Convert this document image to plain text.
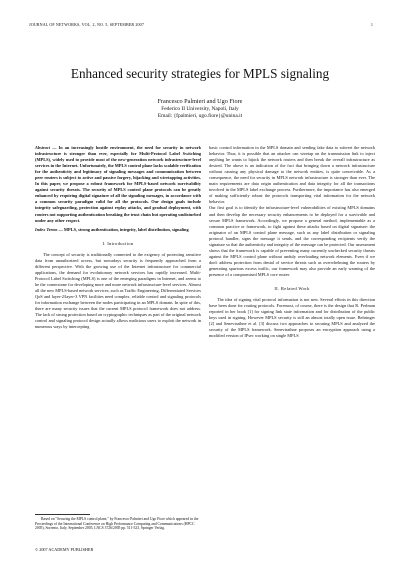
JOURNAL OF NETWORKS, VOL. 2, NO. 5, SEPTEMBER 2007	1
Enhanced security strategies for MPLS signaling
Francesco Palmieri and Ugo Fiore
Federico II University, Napoli, Italy
Email: {fpalmieri, ugo.fiore}@unina.it
Abstract — In an increasingly hostile environment, the need for security in network infrastructure is stronger than ever, especially for Multi-Protocol Label Switching (MPLS), widely used to provide most of the new-generation network infrastructure-level services in the Internet. Unfortunately, the MPLS control plane lacks scalable verification for the authenticity and legitimacy of signaling messages and communication between peer routers is subject to active and passive forgery, hijacking and wiretapping activities. In this paper, we propose a robust framework for MPLS-based network survivability against security threats. The security of MPLS control plane protocols can be greatly enhanced by requiring digital signature of all the signaling messages, in accordance with a common security paradigm valid for all the protocols. Our design goals include integrity safeguarding, protection against replay attacks, and gradual deployment, with routers not supporting authentication breaking the trust chain but operating undisturbed under any other respect.
Index Terms — MPLS, strong authentication, integrity, label distribution, signaling
I. Introduction

The concept of security is traditionally connected to the exigency of protecting sensitive data from unauthorized access, but nowadays security is frequently approached from a different perspective. With the growing use of the Internet infrastructure for commercial applications, the demand for evolutionary network services has rapidly increased. Multi-Protocol Label Switching (MPLS) is one of the emerging paradigms in Internet, and seems to be the cornerstone for developing more and more network infrastructure-level services. Almost all the new MPLS-based network services, such as Traffic Engineering, Differentiated Services QoS and layer-2/layer-3 VPN facilities need complex, reliable control and signaling protocols for information exchange between the nodes participating in an MPLS domain. In spite of this, there are many security issues that the current MPLS protocol framework does not address. The lack of strong protection based on cryptographic techniques as part of the original network control and signaling protocol design actually allows malicious users to exploit the network in numerous ways by intercepting

basic control information in the MPLS domain and sending fake data to subvert the network behavior. Thus, it is possible that an attacker can wiretap on the transmission link to inject anything he wants to hijack the network routers and then break the overall infrastructure as desired. The above is an indication of the fact that bringing down a network infrastructure without causing any physical damage to the network entities, is quite conceivable. As a consequence, the need for security in MPLS network infrastructure is stronger than ever. The main requirements are data origin authentication and data integrity for all the transactions involved in the MPLS label exchange process. Furthermore, the importance has also emerged of making sufficiently robust the protocols transporting vital information for the network behavior.

Our first goal is to identify the infrastructure-level vulnerabilities of existing MPLS domains and then develop the necessary security enhancements to be deployed for a survivable and secure MPLS framework. Accordingly, we propose a general method, implementable as a common practice or framework, to fight against these attacks based on digital signature: the originator of an MPLS control plane message, such as any label distribution or signaling protocol handler, signs the message it sends, and the corresponding recipients verify the signature so that the authenticity and integrity of the message can be protected. Our assessment shows that the framework is capable of preventing many currently unchecked security threats against the MPLS control plane without unduly overloading network elements. Even if we don't address protection from denial of service threats such as overwhelming the routers by generating spurious excess traffic, our framework may also provide an early warning of the presence of a compromised MPLS core router.

II. Related Work

The idea of signing vital protocol information is not new. Several efforts in this direction have been done for routing protocols. Foremost, of course, there is the design that R. Perlman reported in her book [1] for signing link state information and for distribution of the public keys used in signing. However MPLS security is still an almost totally open issue. Behringer [2] and Senevirathne et al. [3] discuss two approaches to securing MPLS and analyzed the security of the MPLS framework. Senevirathne proposes an encryption approach using a modified version of IPsec working on single MPLS

Based on "Securing the MPLS control plane," by Francesco Palmieri and Ugo Fiore which appeared in the Proceedings of the International Conference on High Performance Computing and Communications (HPCC 2005), Sorrento, Italy, September 2005, LNCS 3726/2005 pp. 511-523, Springer Verlag.
© 2007 ACADEMY PUBLISHER
